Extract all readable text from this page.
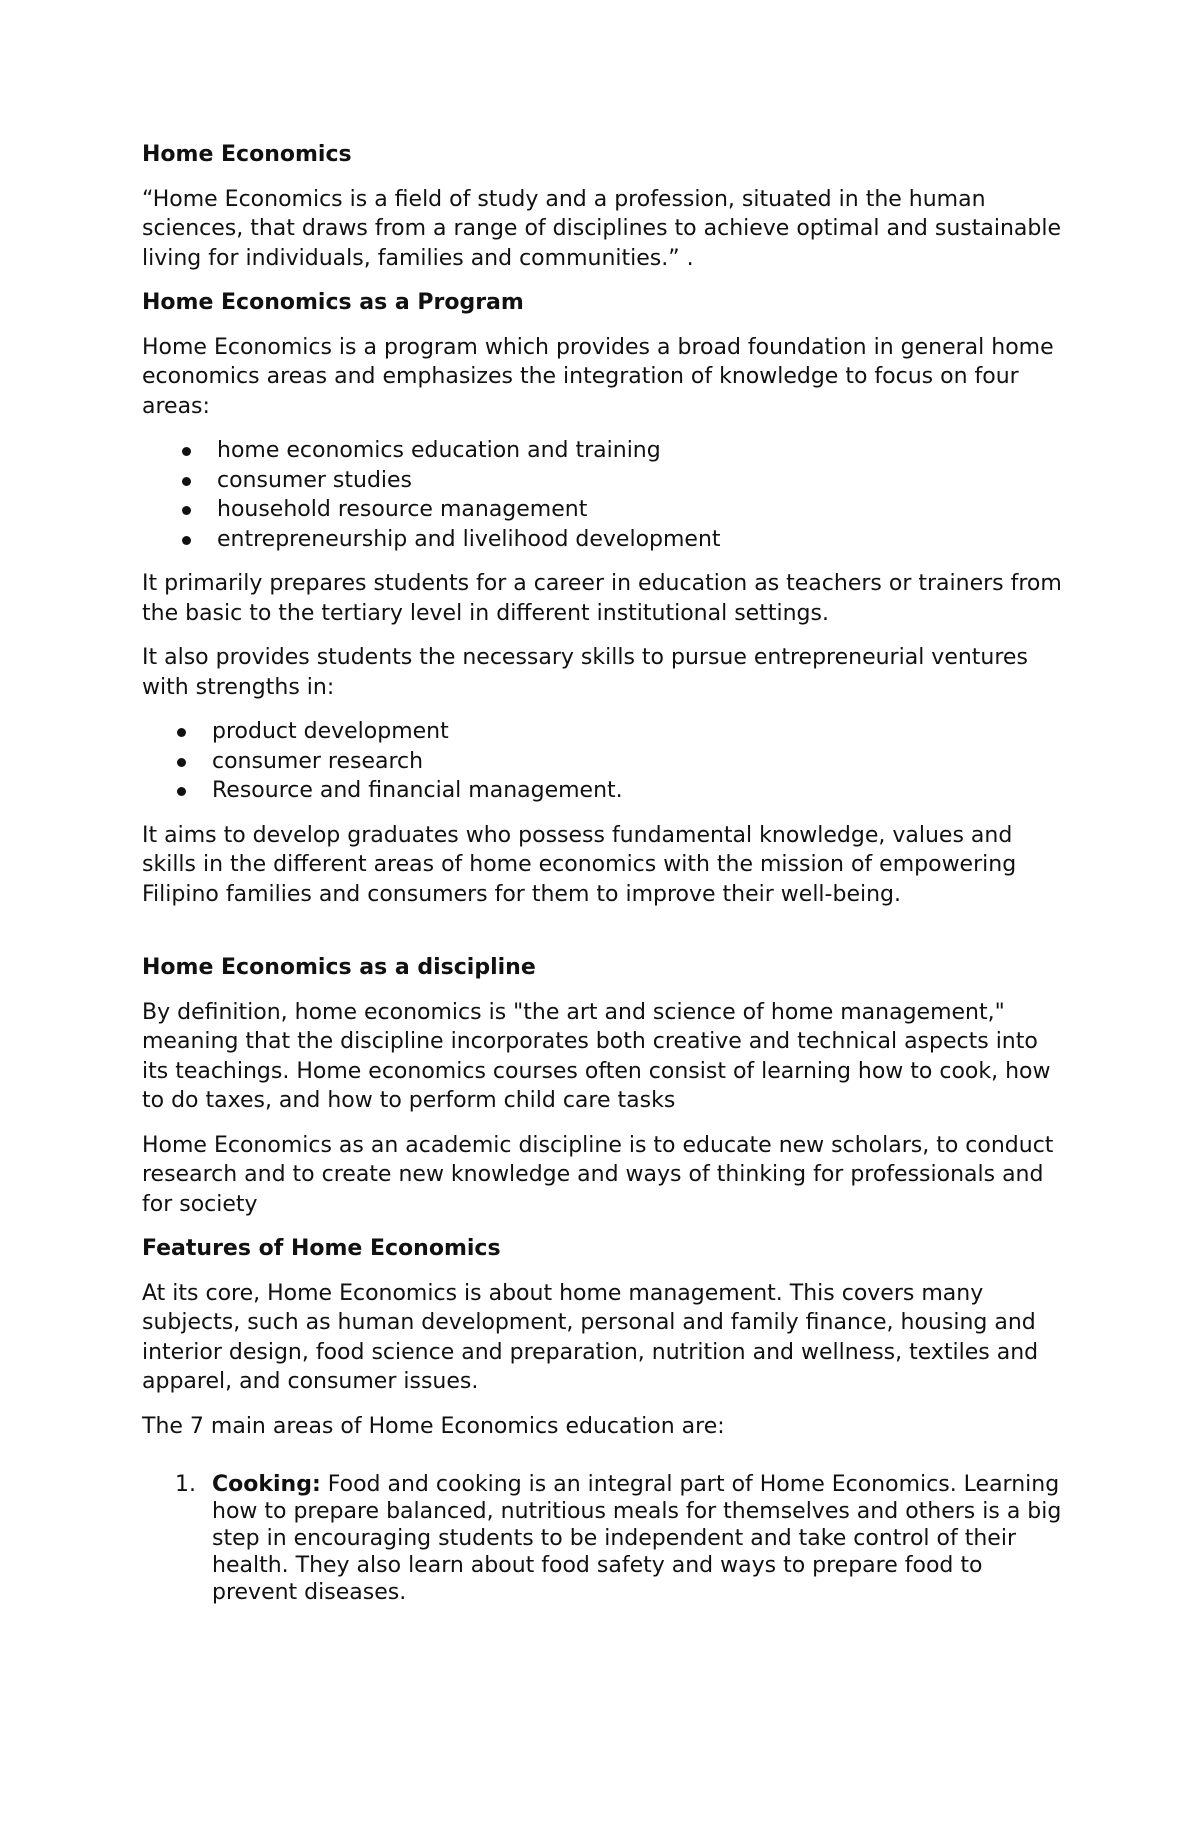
Home Economics

“Home Economics is a field of study and a profession, situated in the human sciences, that draws from a range of disciplines to achieve optimal and sustainable living for individuals, families and communities.” .

Home Economics as a Program

Home Economics is a program which provides a broad foundation in general home economics areas and emphasizes the integration of knowledge to focus on four areas:

home economics education and training
consumer studies
household resource management
entrepreneurship and livelihood development

It primarily prepares students for a career in education as teachers or trainers from the basic to the tertiary level in different institutional settings.

It also provides students the necessary skills to pursue entrepreneurial ventures with strengths in:

product development
consumer research
Resource and financial management.

It aims to develop graduates who possess fundamental knowledge, values and skills in the different areas of home economics with the mission of empowering Filipino families and consumers for them to improve their well-being.

Home Economics as a discipline

By definition, home economics is "the art and science of home management," meaning that the discipline incorporates both creative and technical aspects into its teachings. Home economics courses often consist of learning how to cook, how to do taxes, and how to perform child care tasks

Home Economics as an academic discipline is to educate new scholars, to conduct research and to create new knowledge and ways of thinking for professionals and for society

Features of Home Economics

At its core, Home Economics is about home management. This covers many subjects, such as human development, personal and family finance, housing and interior design, food science and preparation, nutrition and wellness, textiles and apparel, and consumer issues.

The 7 main areas of Home Economics education are:

1. Cooking: Food and cooking is an integral part of Home Economics. Learning how to prepare balanced, nutritious meals for themselves and others is a big step in encouraging students to be independent and take control of their health. They also learn about food safety and ways to prepare food to prevent diseases.
